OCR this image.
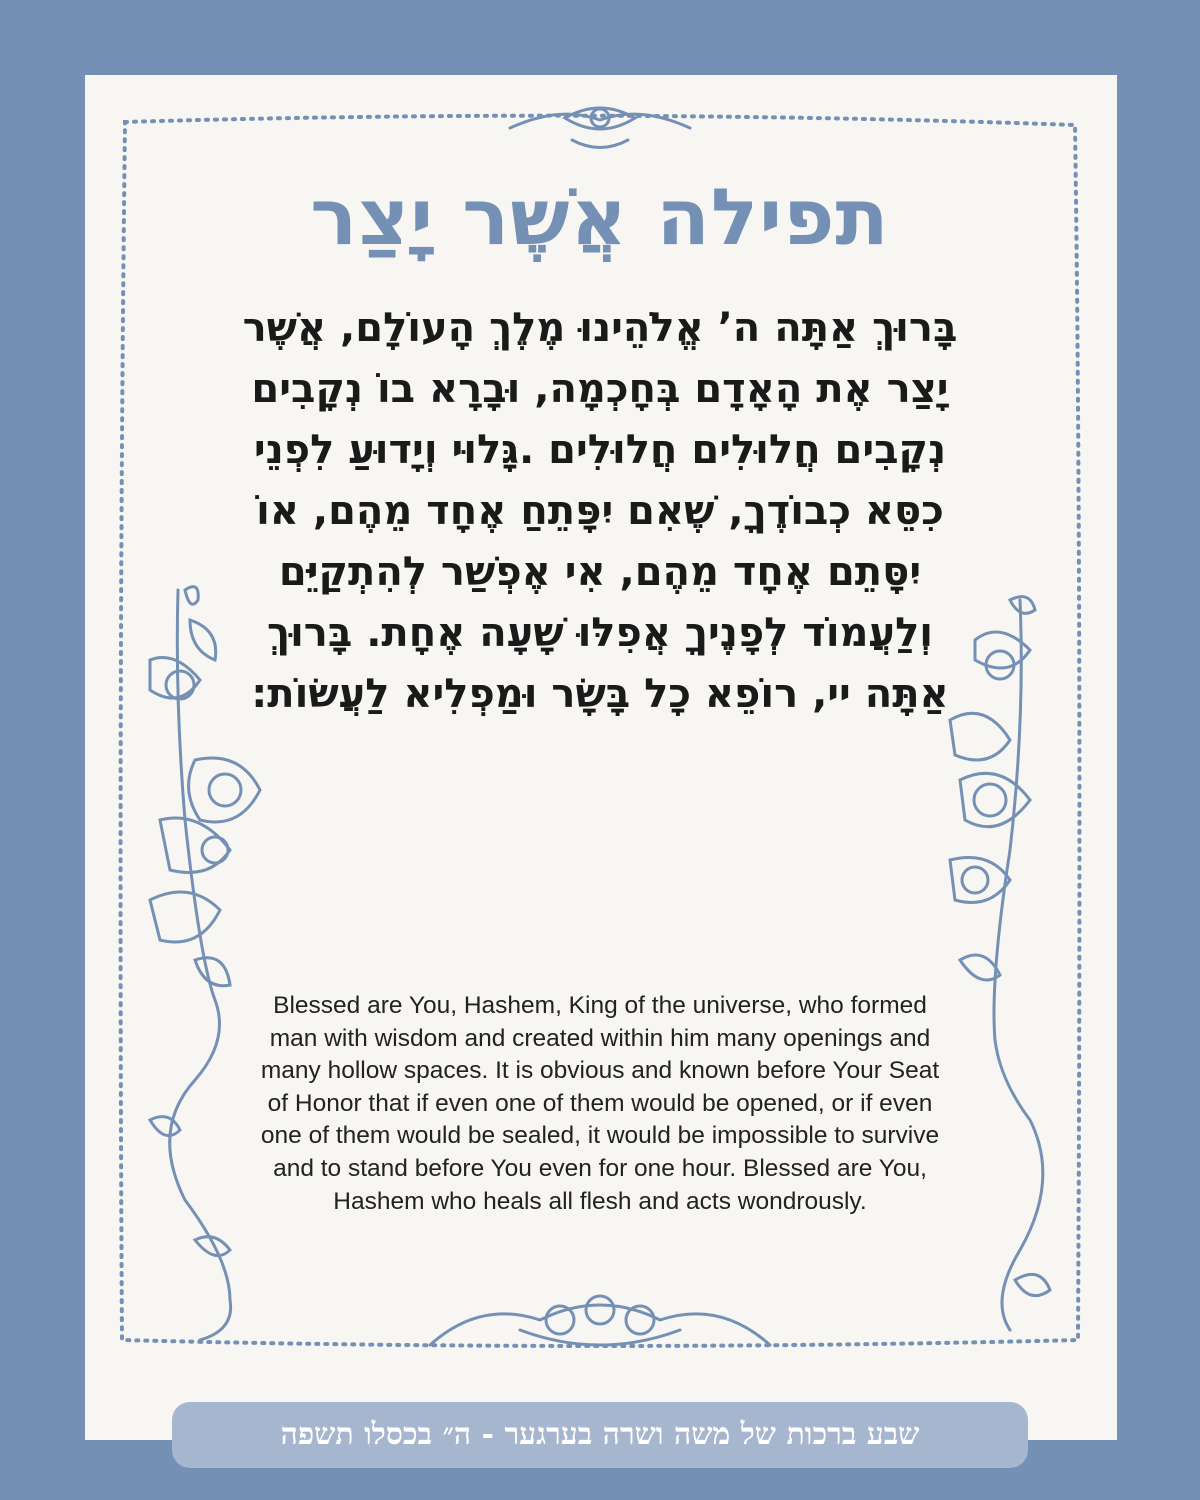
תפילה אֲשֶׁר יָצַר
בָּרוּךְ אַתָּה ה’ אֱלֹהֵינוּ מֶלֶךְ הָעוֹלָם, אֲשֶׁר יָצַר אֶת הָאָדָם בְּחָכְמָה, וּבָרָא בוֹ נְקָבִים נְקָבִים חֲלוּלִים חֲלוּלִים .גָּלוּי וְיָדוּעַ לִפְנֵי כִסֵּא כְבוֹדֶךָ, שֶׁאִם יִפָּתֵחַ אֶחָד מֵהֶם, אוֹ יִסָּתֵם אֶחָד מֵהֶם, אִי אֶפְשַׁר לְהִתְקַיֵּם וְלַעֲמוֹד לְפָנֶיךָ אֲפִלּוּ שָׁעָה אֶחָת. בָּרוּךְ אַתָּה יי, רוֹפֵא כָל בָּשָׂר וּמַפְלִיא לַעֲשׂוֹת:
Blessed are You, Hashem, King of the universe, who formed man with wisdom and created within him many openings and many hollow spaces. It is obvious and known before Your Seat of Honor that if even one of them would be opened, or if even one of them would be sealed, it would be impossible to survive and to stand before You even for one hour. Blessed are You, Hashem who heals all flesh and acts wondrously.
שבע ברכות של משה ושרה בערגער - ה״ בכסלו תשפה
